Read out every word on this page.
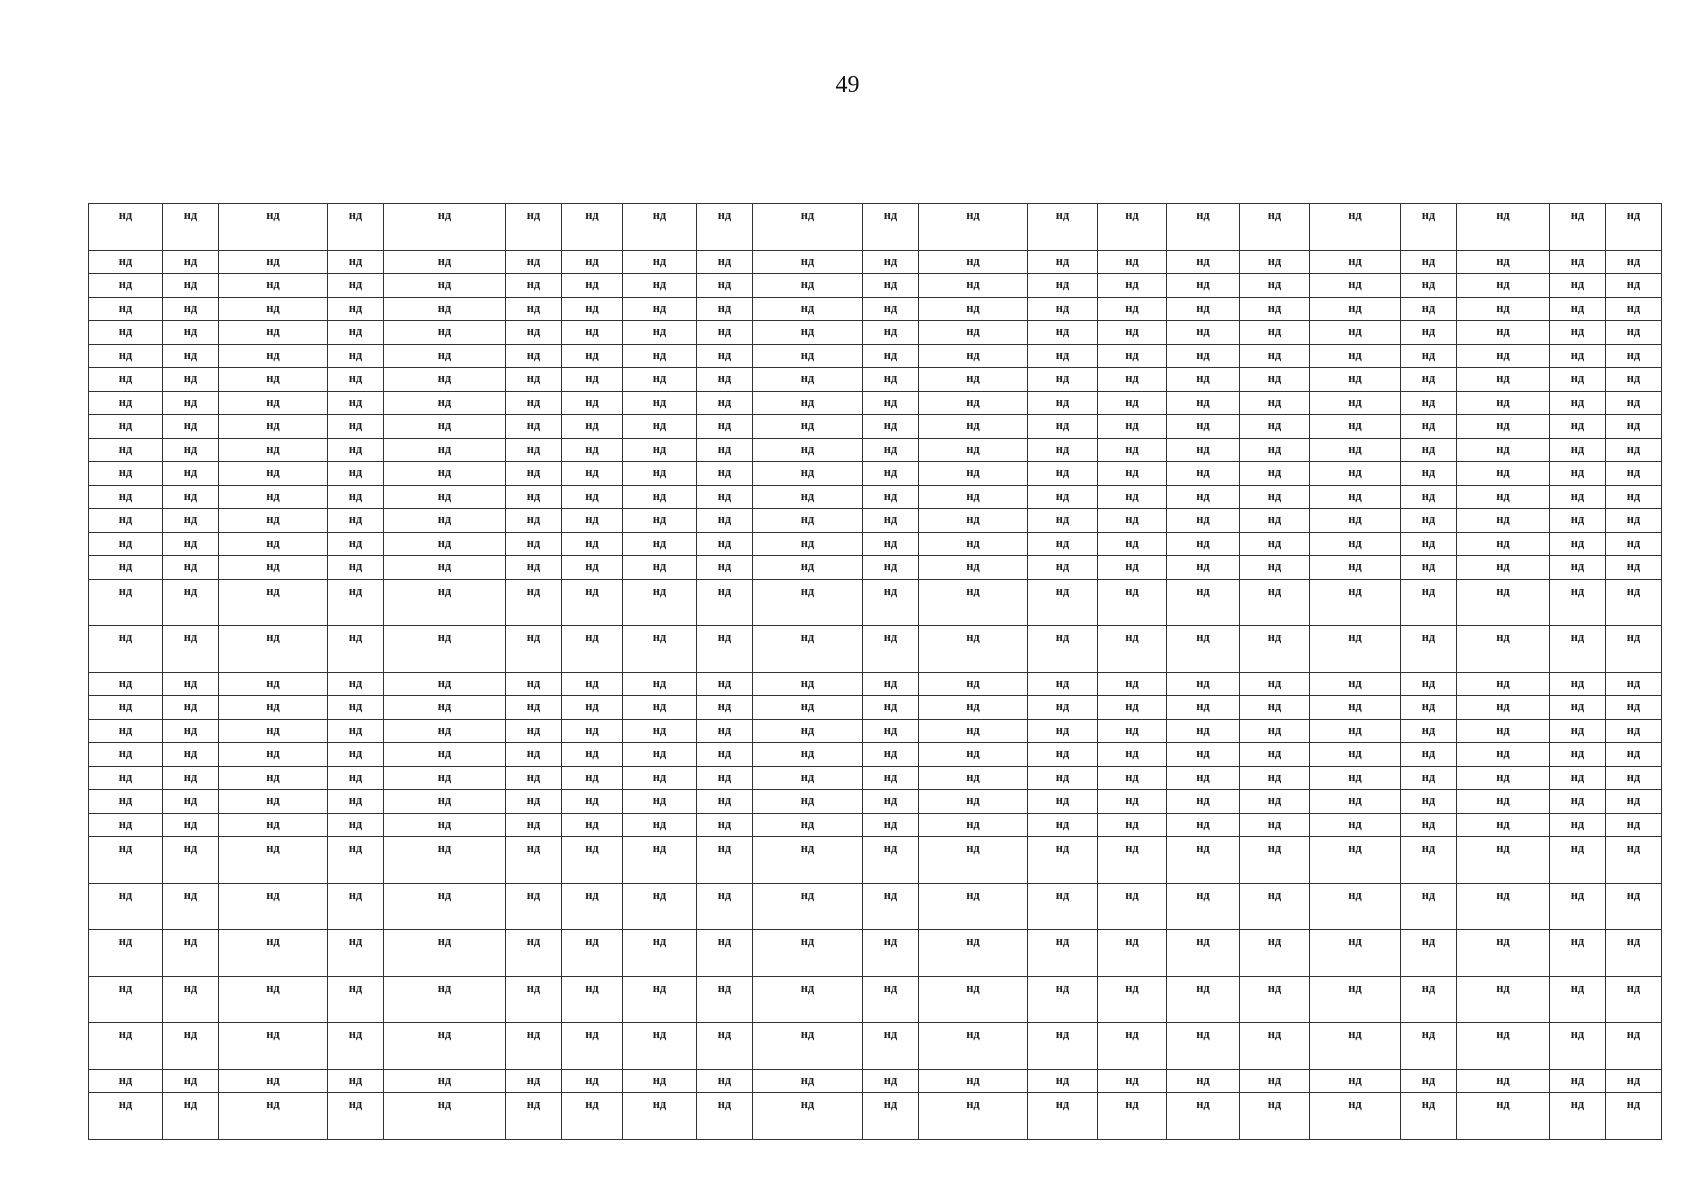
49
нд	нд	нд	нд	нд	нд	нд	нд	нд	нд	нд	нд	нд	нд	нд	нд	нд	нд	нд	нд	нд
нд	нд	нд	нд	нд	нд	нд	нд	нд	нд	нд	нд	нд	нд	нд	нд	нд	нд	нд	нд	нд
нд	нд	нд	нд	нд	нд	нд	нд	нд	нд	нд	нд	нд	нд	нд	нд	нд	нд	нд	нд	нд
нд	нд	нд	нд	нд	нд	нд	нд	нд	нд	нд	нд	нд	нд	нд	нд	нд	нд	нд	нд	нд
нд	нд	нд	нд	нд	нд	нд	нд	нд	нд	нд	нд	нд	нд	нд	нд	нд	нд	нд	нд	нд
нд	нд	нд	нд	нд	нд	нд	нд	нд	нд	нд	нд	нд	нд	нд	нд	нд	нд	нд	нд	нд
нд	нд	нд	нд	нд	нд	нд	нд	нд	нд	нд	нд	нд	нд	нд	нд	нд	нд	нд	нд	нд
нд	нд	нд	нд	нд	нд	нд	нд	нд	нд	нд	нд	нд	нд	нд	нд	нд	нд	нд	нд	нд
нд	нд	нд	нд	нд	нд	нд	нд	нд	нд	нд	нд	нд	нд	нд	нд	нд	нд	нд	нд	нд
нд	нд	нд	нд	нд	нд	нд	нд	нд	нд	нд	нд	нд	нд	нд	нд	нд	нд	нд	нд	нд
нд	нд	нд	нд	нд	нд	нд	нд	нд	нд	нд	нд	нд	нд	нд	нд	нд	нд	нд	нд	нд
нд	нд	нд	нд	нд	нд	нд	нд	нд	нд	нд	нд	нд	нд	нд	нд	нд	нд	нд	нд	нд
нд	нд	нд	нд	нд	нд	нд	нд	нд	нд	нд	нд	нд	нд	нд	нд	нд	нд	нд	нд	нд
нд	нд	нд	нд	нд	нд	нд	нд	нд	нд	нд	нд	нд	нд	нд	нд	нд	нд	нд	нд	нд
нд	нд	нд	нд	нд	нд	нд	нд	нд	нд	нд	нд	нд	нд	нд	нд	нд	нд	нд	нд	нд
нд	нд	нд	нд	нд	нд	нд	нд	нд	нд	нд	нд	нд	нд	нд	нд	нд	нд	нд	нд	нд
нд	нд	нд	нд	нд	нд	нд	нд	нд	нд	нд	нд	нд	нд	нд	нд	нд	нд	нд	нд	нд
нд	нд	нд	нд	нд	нд	нд	нд	нд	нд	нд	нд	нд	нд	нд	нд	нд	нд	нд	нд	нд
нд	нд	нд	нд	нд	нд	нд	нд	нд	нд	нд	нд	нд	нд	нд	нд	нд	нд	нд	нд	нд
нд	нд	нд	нд	нд	нд	нд	нд	нд	нд	нд	нд	нд	нд	нд	нд	нд	нд	нд	нд	нд
нд	нд	нд	нд	нд	нд	нд	нд	нд	нд	нд	нд	нд	нд	нд	нд	нд	нд	нд	нд	нд
нд	нд	нд	нд	нд	нд	нд	нд	нд	нд	нд	нд	нд	нд	нд	нд	нд	нд	нд	нд	нд
нд	нд	нд	нд	нд	нд	нд	нд	нд	нд	нд	нд	нд	нд	нд	нд	нд	нд	нд	нд	нд
нд	нд	нд	нд	нд	нд	нд	нд	нд	нд	нд	нд	нд	нд	нд	нд	нд	нд	нд	нд	нд
нд	нд	нд	нд	нд	нд	нд	нд	нд	нд	нд	нд	нд	нд	нд	нд	нд	нд	нд	нд	нд
нд	нд	нд	нд	нд	нд	нд	нд	нд	нд	нд	нд	нд	нд	нд	нд	нд	нд	нд	нд	нд
нд	нд	нд	нд	нд	нд	нд	нд	нд	нд	нд	нд	нд	нд	нд	нд	нд	нд	нд	нд	нд
нд	нд	нд	нд	нд	нд	нд	нд	нд	нд	нд	нд	нд	нд	нд	нд	нд	нд	нд	нд	нд
нд	нд	нд	нд	нд	нд	нд	нд	нд	нд	нд	нд	нд	нд	нд	нд	нд	нд	нд	нд	нд
нд	нд	нд	нд	нд	нд	нд	нд	нд	нд	нд	нд	нд	нд	нд	нд	нд	нд	нд	нд	нд
нд	нд	нд	нд	нд	нд	нд	нд	нд	нд	нд	нд	нд	нд	нд	нд	нд	нд	нд	нд	нд
